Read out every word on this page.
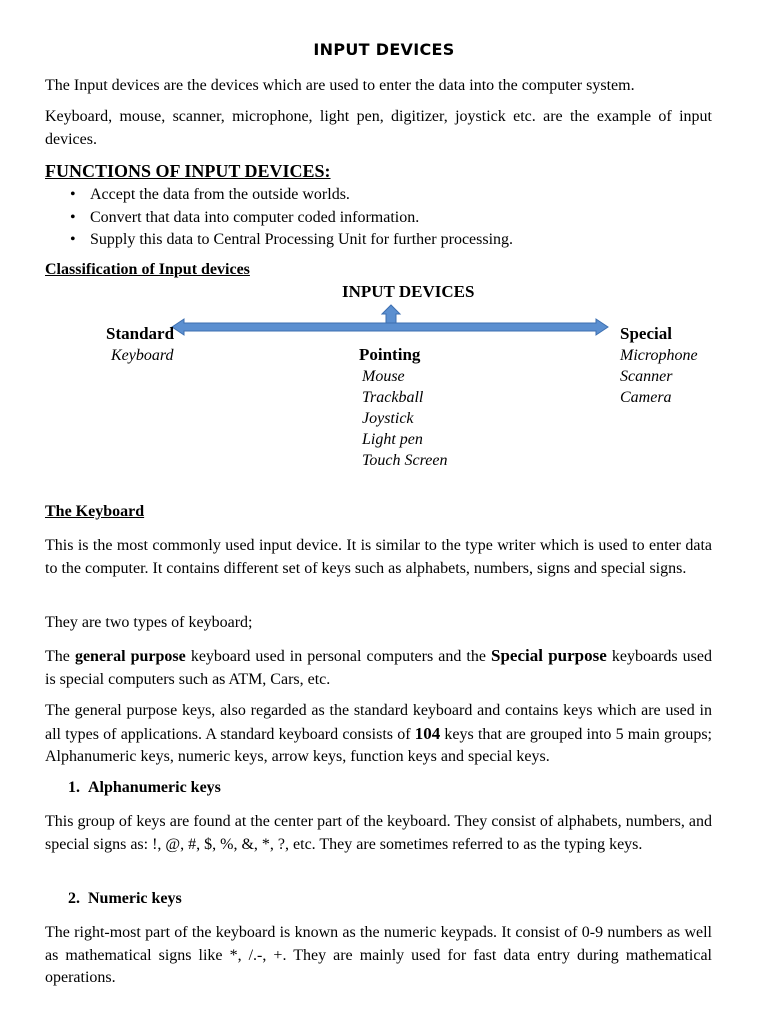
INPUT DEVICES
The Input devices are the devices which are used to enter the data into the computer system.
Keyboard, mouse, scanner, microphone, light pen, digitizer, joystick etc. are the example of input devices.
FUNCTIONS OF INPUT DEVICES:
• Accept the data from the outside worlds.
• Convert that data into computer coded information.
• Supply this data to Central Processing Unit for further processing.
Classification of Input devices
INPUT DEVICES
Standard
Keyboard	Pointing
Mouse
Trackball
Joystick
Light pen
Touch Screen
Special
Microphone
Scanner
Camera
The Keyboard
This is the most commonly used input device. It is similar to the type writer which is used to enter data to the computer. It contains different set of keys such as alphabets, numbers, signs and special signs.
They are two types of keyboard;
The general purpose keyboard used in personal computers and the Special purpose keyboards used is special computers such as ATM, Cars, etc.
The general purpose keys, also regarded as the standard keyboard and contains keys which are used in all types of applications. A standard keyboard consists of 104 keys that are grouped into 5 main groups; Alphanumeric keys, numeric keys, arrow keys, function keys and special keys.
1.  Alphanumeric keys
This group of keys are found at the center part of the keyboard. They consist of alphabets, numbers, and special signs as: !, @, #, $, %, &, *, ?, etc. They are sometimes referred to as the typing keys.
2.  Numeric keys
The right-most part of the keyboard is known as the numeric keypads. It consist of 0-9 numbers as well as mathematical signs like *, /.-, +. They are mainly used for fast data entry during mathematical operations.
